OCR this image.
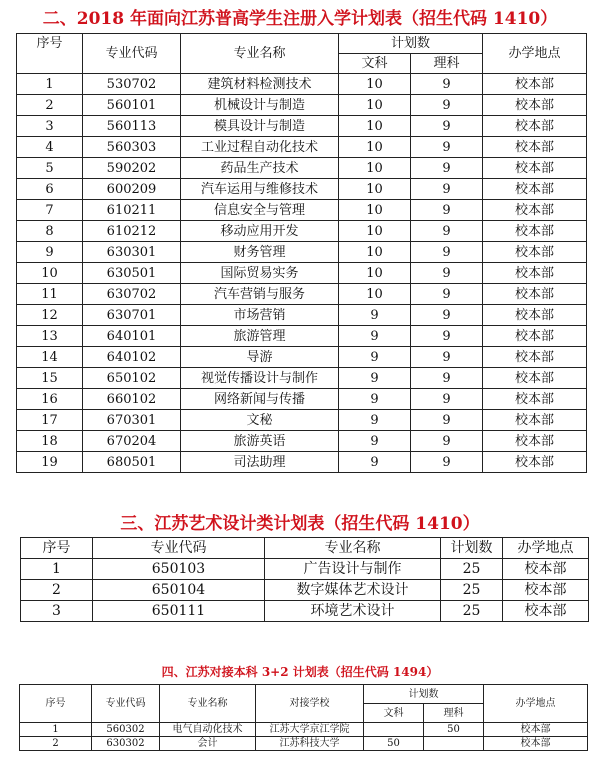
二、2018 年面向江苏普高学生注册入学计划表（招生代码 1410）
序号	专业代码	专业名称	计划数		办学地点
			文科	理科	
1	530702	建筑材料检测技术	10	9	校本部
2	560101	机械设计与制造	10	9	校本部
3	560113	模具设计与制造	10	9	校本部
4	560303	工业过程自动化技术	10	9	校本部
5	590202	药品生产技术	10	9	校本部
6	600209	汽车运用与维修技术	10	9	校本部
7	610211	信息安全与管理	10	9	校本部
8	610212	移动应用开发	10	9	校本部
9	630301	财务管理	10	9	校本部
10	630501	国际贸易实务	10	9	校本部
11	630702	汽车营销与服务	10	9	校本部
12	630701	市场营销	9	9	校本部
13	640101	旅游管理	9	9	校本部
14	640102	导游	9	9	校本部
15	650102	视觉传播设计与制作	9	9	校本部
16	660102	网络新闻与传播	9	9	校本部
17	670301	文秘	9	9	校本部
18	670204	旅游英语	9	9	校本部
19	680501	司法助理	9	9	校本部
三、江苏艺术设计类计划表（招生代码 1410）
序号	专业代码	专业名称	计划数	办学地点
1	650103	广告设计与制作	25	校本部
2	650104	数字媒体艺术设计	25	校本部
3	650111	环境艺术设计	25	校本部
四、江苏对接本科 3+2 计划表（招生代码 1494）
序号	专业代码	专业名称	对接学校	计划数		办学地点
				文科	理科	
1	560302	电气自动化技术	江苏大学京江学院		50	校本部
2	630302	会计	江苏科技大学	50		校本部
